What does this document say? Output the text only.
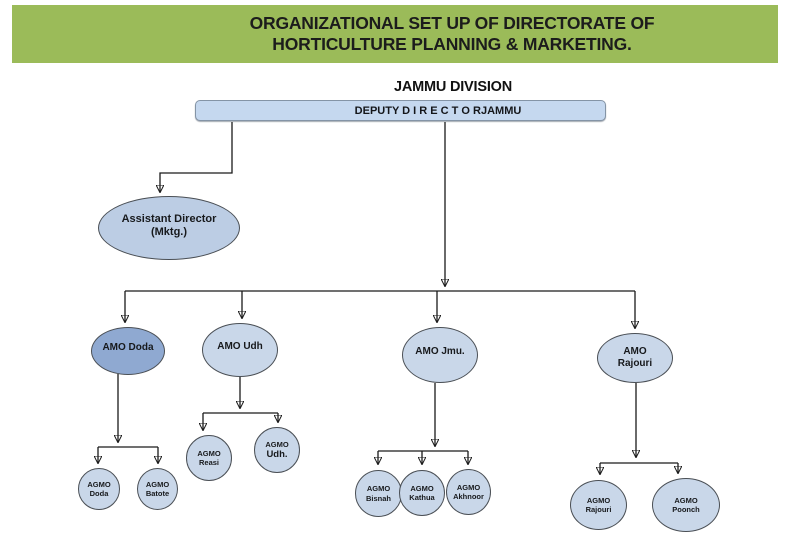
ORGANIZATIONAL SET UP OF DIRECTORATE OF
HORTICULTURE PLANNING & MARKETING.
JAMMU DIVISION
DEPUTY D I R E C T O RJAMMU
Assistant Director
(Mktg.)
AMO Doda	AMO Udh	AMO Jmu.	AMO
Rajouri
AGMO
Doda
AGMO
Batote
AGMO
Reasi
AGMO
Udh.
AGMO
Bisnah
AGMO
Kathua
AGMO
Akhnoor	AGMO
Rajouri
AGMO
Poonch
